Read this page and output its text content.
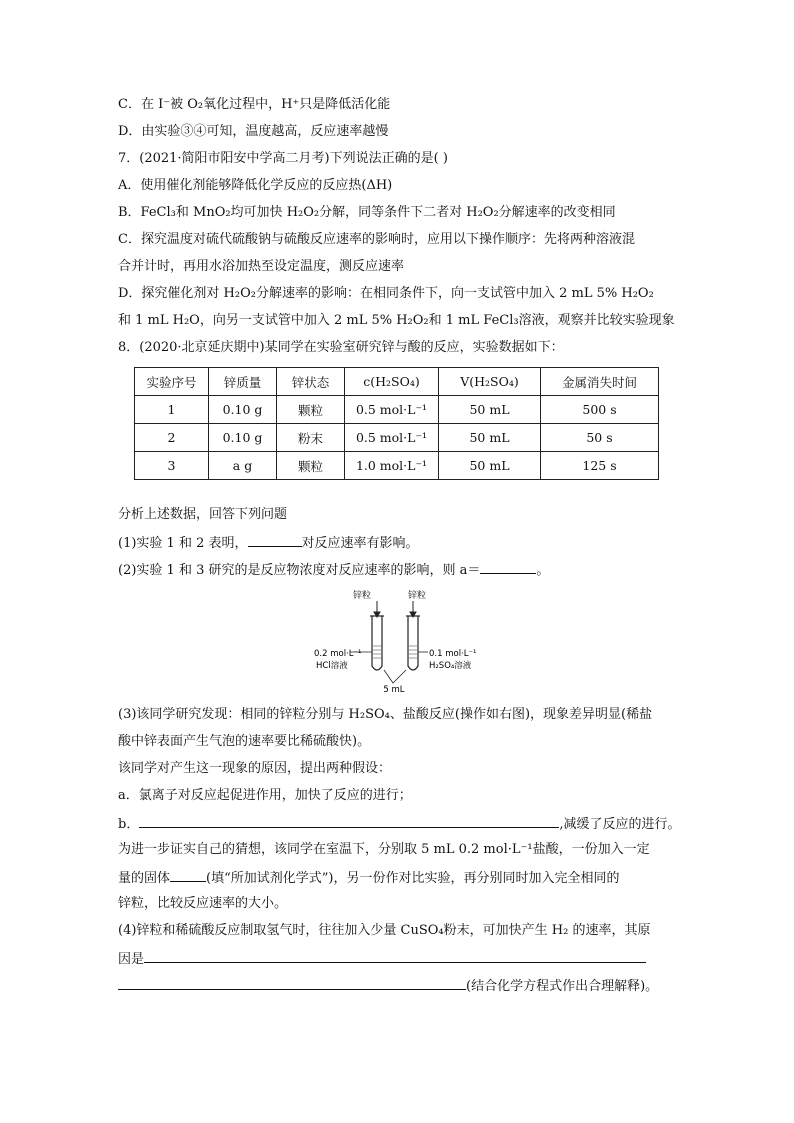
C．在 I⁻被 O₂氧化过程中，H⁺只是降低活化能
D．由实验③④可知，温度越高，反应速率越慢
7．(2021·简阳市阳安中学高二月考)下列说法正确的是( )
A．使用催化剂能够降低化学反应的反应热(ΔH)
B．FeCl₃和 MnO₂均可加快 H₂O₂分解，同等条件下二者对 H₂O₂分解速率的改变相同
C．探究温度对硫代硫酸钠与硫酸反应速率的影响时，应用以下操作顺序：先将两种溶液混
合并计时，再用水浴加热至设定温度，测反应速率
D．探究催化剂对 H₂O₂分解速率的影响：在相同条件下，向一支试管中加入 2 mL 5% H₂O₂
和 1 mL H₂O，向另一支试管中加入 2 mL 5% H₂O₂和 1 mL FeCl₃溶液，观察并比较实验现象
8．(2020·北京延庆期中)某同学在实验室研究锌与酸的反应，实验数据如下：
实验序号	锌质量	锌状态	c(H₂SO₄)	V(H₂SO₄)	金属消失时间
1	0.10 g	颗粒	0.5 mol·L⁻¹	50 mL	500 s
2	0.10 g	粉末	0.5 mol·L⁻¹	50 mL	50 s
3	a g	颗粒	1.0 mol·L⁻¹	50 mL	125 s
分析上述数据，回答下列问题
(1)实验 1 和 2 表明，	对反应速率有影响。
(2)实验 1 和 3 研究的是反应物浓度对反应速率的影响，则 a＝	。
锌粒	锌粒
0.2 mol·L⁻¹
HCl溶液
0.1 mol·L⁻¹
H₂SO₄溶液
5 mL
(3)该同学研究发现：相同的锌粒分别与 H₂SO₄、盐酸反应(操作如右图)，现象差异明显(稀盐
酸中锌表面产生气泡的速率要比稀硫酸快)。
该同学对产生这一现象的原因，提出两种假设：
a．氯离子对反应起促进作用，加快了反应的进行；
b．	,减缓了反应的进行。
为进一步证实自己的猜想，该同学在室温下，分别取 5 mL 0.2 mol·L⁻¹盐酸，一份加入一定
量的固体	(填“所加试剂化学式”)，另一份作对比实验，再分别同时加入完全相同的
锌粒，比较反应速率的大小。
(4)锌粒和稀硫酸反应制取氢气时，往往加入少量 CuSO₄粉末，可加快产生 H₂ 的速率，其原
因是
(结合化学方程式作出合理解释)。
